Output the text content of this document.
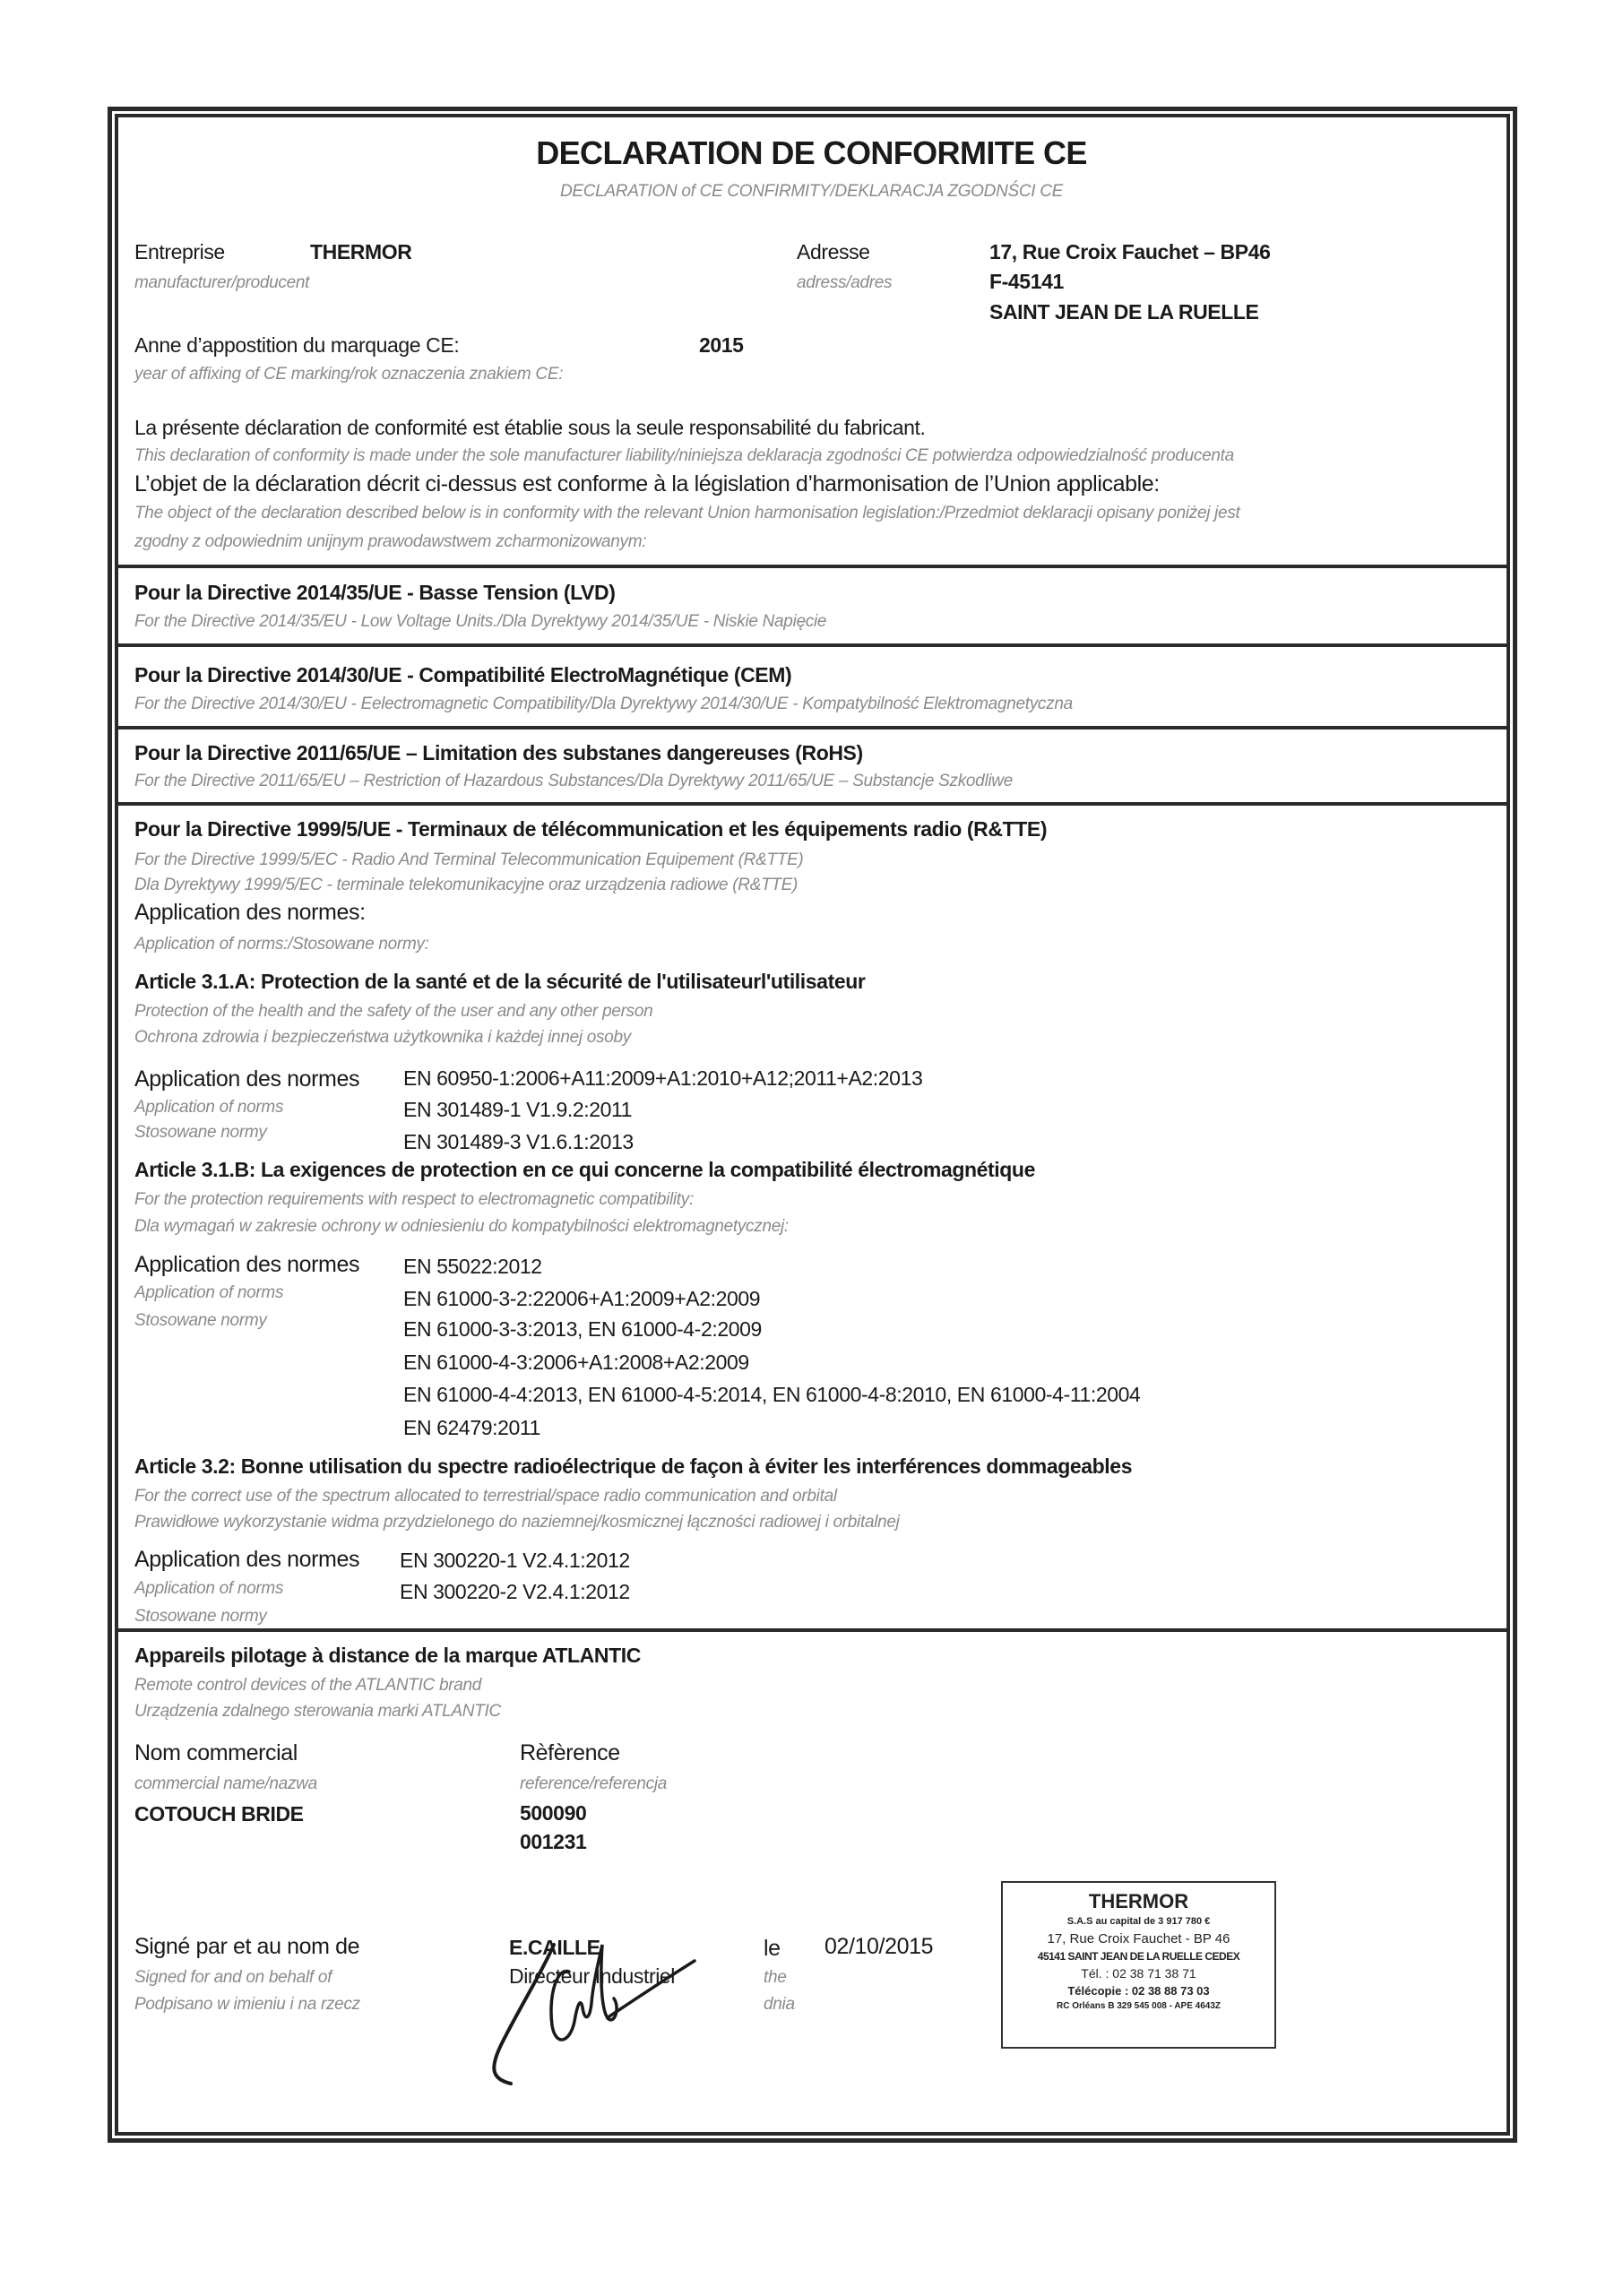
DECLARATION DE CONFORMITE CE
DECLARATION of CE CONFIRMITY/DEKLARACJA ZGODNŚCI CE
Entreprise	THERMOR
manufacturer/producent
Adresse
adress/adres
17, Rue Croix Fauchet – BP46
F-45141
SAINT JEAN DE LA RUELLE
Anne d’appostition du marquage CE:	2015
year of affixing of CE marking/rok oznaczenia znakiem CE:
La présente déclaration de conformité est établie sous la seule responsabilité du fabricant.
This declaration of conformity is made under the sole manufacturer liability/niniejsza deklaracja zgodności CE potwierdza odpowiedzialność producenta
L’objet de la déclaration décrit ci-dessus est conforme à la législation d’harmonisation de l’Union applicable:
The object of the declaration described below is in conformity with the relevant Union harmonisation legislation:/Przedmiot deklaracji opisany poniżej jest
zgodny z odpowiednim unijnym prawodawstwem zcharmonizowanym:
Pour la Directive 2014/35/UE - Basse Tension (LVD)
For the Directive 2014/35/EU - Low Voltage Units./Dla Dyrektywy 2014/35/UE - Niskie Napięcie
Pour la Directive 2014/30/UE - Compatibilité ElectroMagnétique (CEM)
For the Directive 2014/30/EU - Eelectromagnetic Compatibility/Dla Dyrektywy 2014/30/UE - Kompatybilność Elektromagnetyczna
Pour la Directive 2011/65/UE – Limitation des substanes dangereuses (RoHS)
For the Directive 2011/65/EU – Restriction of Hazardous Substances/Dla Dyrektywy 2011/65/UE – Substancje Szkodliwe
Pour la Directive 1999/5/UE - Terminaux de télécommunication et les équipements radio (R&TTE)
For the Directive 1999/5/EC - Radio And Terminal Telecommunication Equipement (R&TTE)
Dla Dyrektywy 1999/5/EC - terminale telekomunikacyjne oraz urządzenia radiowe (R&TTE)
Application des normes:
Application of norms:/Stosowane normy:
Article 3.1.A: Protection de la santé et de la sécurité de l'utilisateurl'utilisateur
Protection of the health and the safety of the user and any other person
Ochrona zdrowia i bezpieczeństwa użytkownika i każdej innej osoby
Application des normes
Application of norms
Stosowane normy
EN 60950-1:2006+A11:2009+A1:2010+A12;2011+A2:2013
EN 301489-1 V1.9.2:2011
EN 301489-3 V1.6.1:2013
Article 3.1.B: La exigences de protection en ce qui concerne la compatibilité électromagnétique
For the protection requirements with respect to electromagnetic compatibility:
Dla wymagań w zakresie ochrony w odniesieniu do kompatybilności elektromagnetycznej:
Application des normes
Application of norms
Stosowane normy
EN 55022:2012
EN 61000-3-2:22006+A1:2009+A2:2009
EN 61000-3-3:2013, EN 61000-4-2:2009
EN 61000-4-3:2006+A1:2008+A2:2009
EN 61000-4-4:2013, EN 61000-4-5:2014, EN 61000-4-8:2010, EN 61000-4-11:2004
EN 62479:2011
Article 3.2: Bonne utilisation du spectre radioélectrique de façon à éviter les interférences dommageables
For the correct use of the spectrum allocated to terrestrial/space radio communication and orbital
Prawidłowe wykorzystanie widma przydzielonego do naziemnej/kosmicznej łączności radiowej i orbitalnej
Application des normes
Application of norms
Stosowane normy
EN 300220-1 V2.4.1:2012
EN 300220-2 V2.4.1:2012
Appareils pilotage à distance de la marque ATLANTIC
Remote control devices of the ATLANTIC brand
Urządzenia zdalnego sterowania marki ATLANTIC
Nom commercial
commercial name/nazwa
COTOUCH BRIDE
Rèfèrence
reference/referencja
500090
001231
Signé par et au nom de
Signed for and on behalf of
Podpisano w imieniu i na rzecz
E.CAILLE
Directeur Industriel
le
the
dnia
02/10/2015
THERMOR
S.A.S au capital de 3 917 780 €
17, Rue Croix Fauchet - BP 46
45141 SAINT JEAN DE LA RUELLE CEDEX
Tél. : 02 38 71 38 71
Télécopie : 02 38 88 73 03
RC Orléans B 329 545 008 - APE 4643Z
